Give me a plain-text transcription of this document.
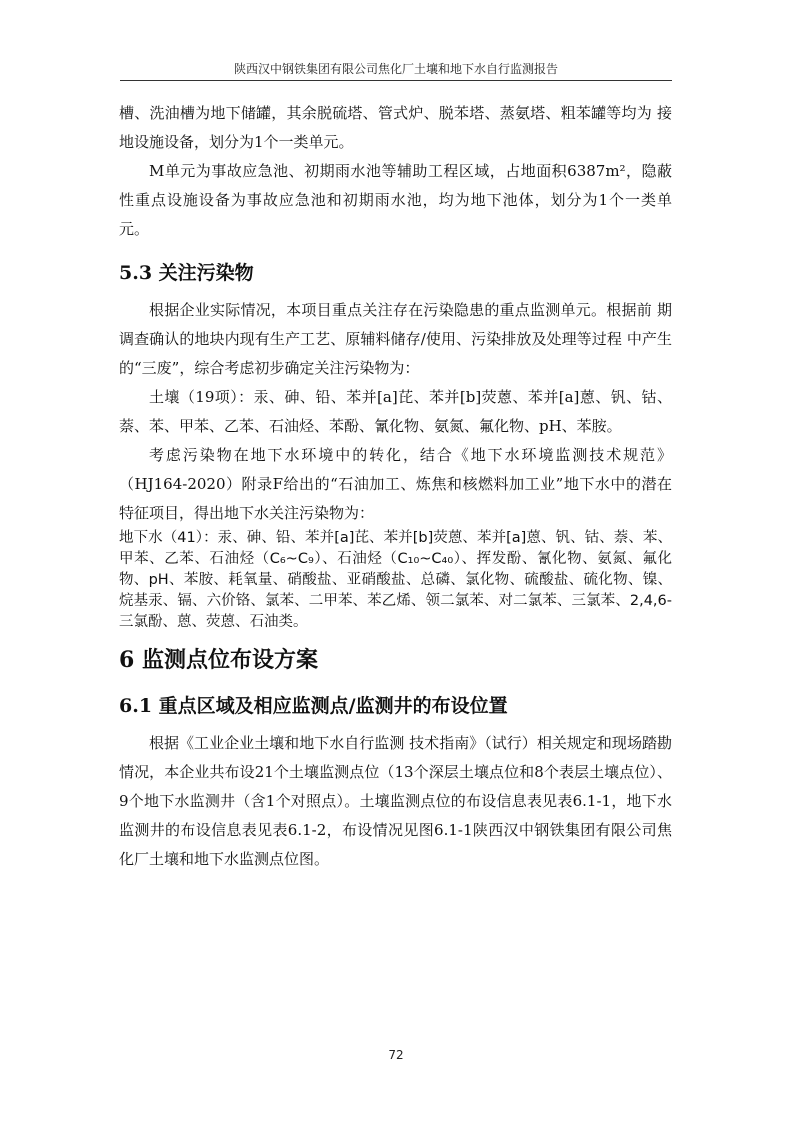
陕西汉中钢铁集团有限公司焦化厂土壤和地下水自行监测报告

槽、洗油槽为地下储罐，其余脱硫塔、管式炉、脱苯塔、蒸氨塔、粗苯罐等均为 接地设施设备，划分为1个一类单元。

M单元为事故应急池、初期雨水池等辅助工程区域，占地面积6387m²，隐蔽 性重点设施设备为事故应急池和初期雨水池，均为地下池体，划分为1个一类单 元。

5.3 关注污染物

根据企业实际情况，本项目重点关注存在污染隐患的重点监测单元。根据前 期调查确认的地块内现有生产工艺、原辅料储存/使用、污染排放及处理等过程 中产生的“三废”，综合考虑初步确定关注污染物为：

土壤（19项）：汞、砷、铅、苯并[a]芘、苯并[b]荧蒽、苯并[a]蒽、钒、钴、萘、苯、甲苯、乙苯、石油烃、苯酚、氰化物、氨氮、氟化物、pH、苯胺。

考虑污染物在地下水环境中的转化，结合《地下水环境监测技术规范》（HJ164-2020）附录F给出的“石油加工、炼焦和核燃料加工业”地下水中的潜在 特征项目，得出地下水关注污染物为：

地下水（41）：汞、砷、铅、苯并[a]芘、苯并[b]荧蒽、苯并[a]蒽、钒、钴、萘、苯、甲苯、乙苯、石油烃（C₆~C₉）、石油烃（C₁₀~C₄₀）、挥发酚、氰化物、氨氮、氟化物、pH、苯胺、耗氧量、硝酸盐、亚硝酸盐、总磷、氯化物、硫酸盐、硫化物、镍、烷基汞、镉、六价铬、氯苯、二甲苯、苯乙烯、领二氯苯、对二氯苯、三氯苯、2,4,6-三氯酚、蒽、荧蒽、石油类。

6 监测点位布设方案
6.1 重点区域及相应监测点/监测井的布设位置

根据《工业企业土壤和地下水自行监测 技术指南》（试行）相关规定和现场踏勘情况，本企业共布设21个土壤监测点位（13个深层土壤点位和8个表层土壤点位）、9个地下水监测井（含1个对照点）。土壤监测点位的布设信息表见表6.1-1，地下水监测井的布设信息表见表6.1-2，布设情况见图6.1-1陕西汉中钢铁集团有限公司焦化厂土壤和地下水监测点位图。

72
